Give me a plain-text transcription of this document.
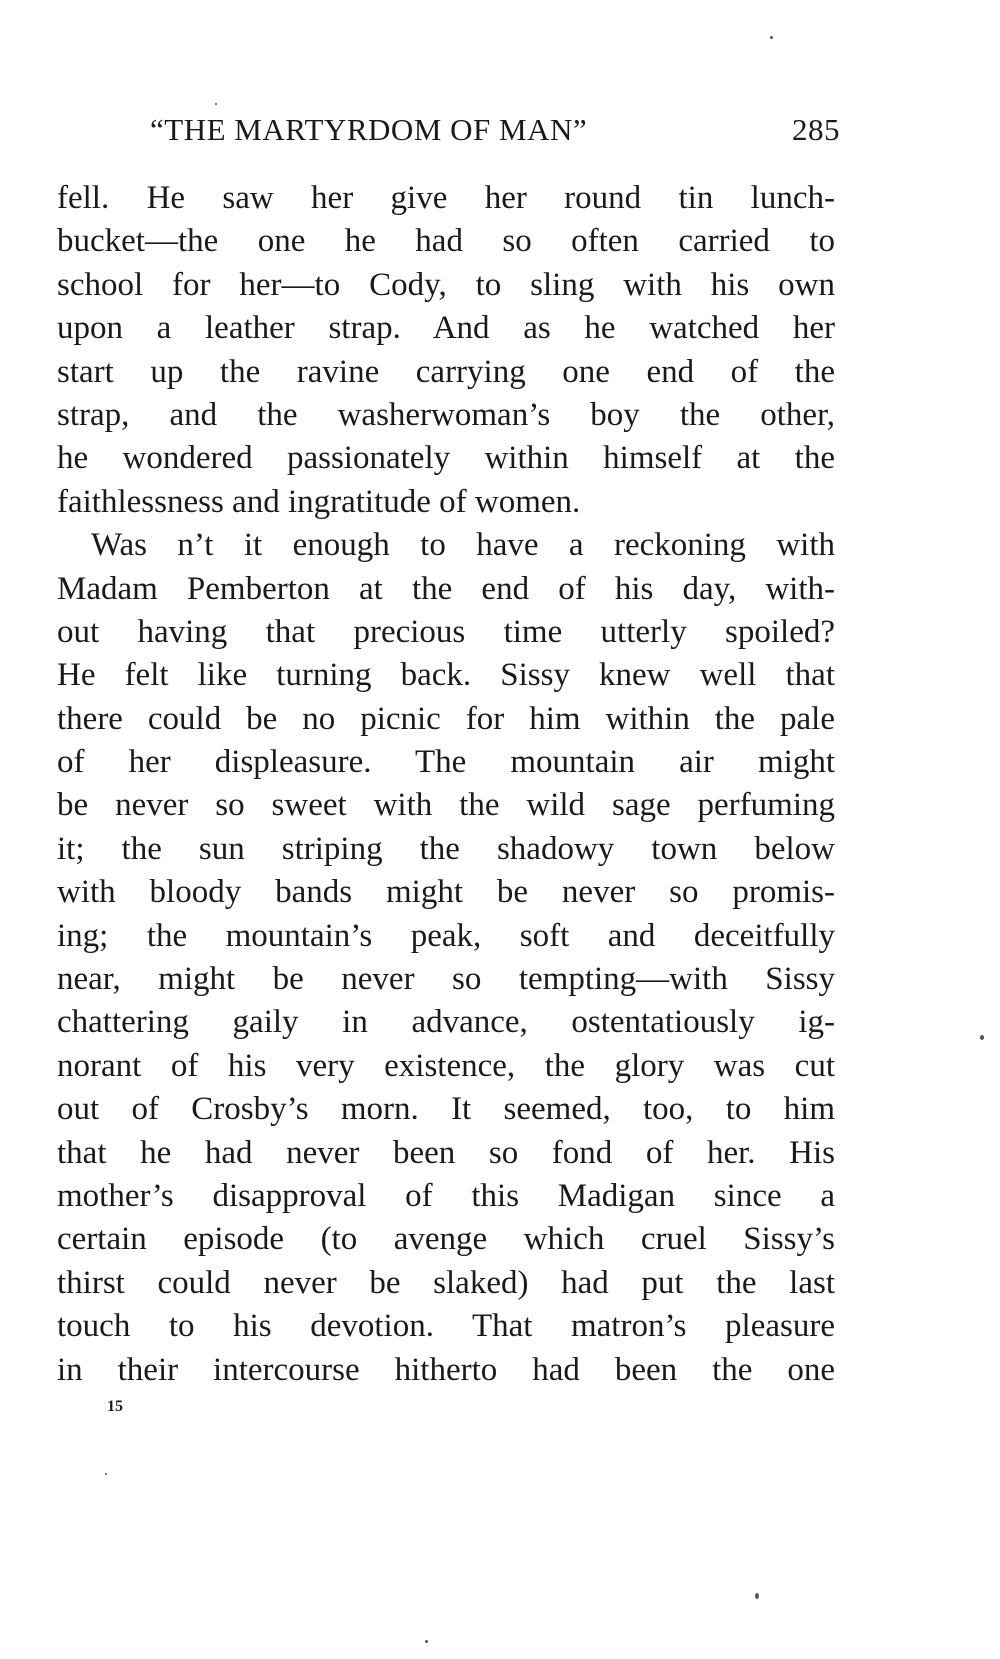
“THE MARTYRDOM OF MAN”	285
fell. He saw her give her round tin lunch-
bucket—the one he had so often carried to
school for her—to Cody, to sling with his own
upon a leather strap. And as he watched her
start up the ravine carrying one end of the
strap, and the washerwoman’s boy the other,
he wondered passionately within himself at the
faithlessness and ingratitude of women.
Was n’t it enough to have a reckoning with
Madam Pemberton at the end of his day, with-
out having that precious time utterly spoiled?
He felt like turning back. Sissy knew well that
there could be no picnic for him within the pale
of her displeasure. The mountain air might
be never so sweet with the wild sage perfuming
it; the sun striping the shadowy town below
with bloody bands might be never so promis-
ing; the mountain’s peak, soft and deceitfully
near, might be never so tempting—with Sissy
chattering gaily in advance, ostentatiously ig-
norant of his very existence, the glory was cut
out of Crosby’s morn. It seemed, too, to him
that he had never been so fond of her. His
mother’s disapproval of this Madigan since a
certain episode (to avenge which cruel Sissy’s
thirst could never be slaked) had put the last
touch to his devotion. That matron’s pleasure
in their intercourse hitherto had been the one
15
